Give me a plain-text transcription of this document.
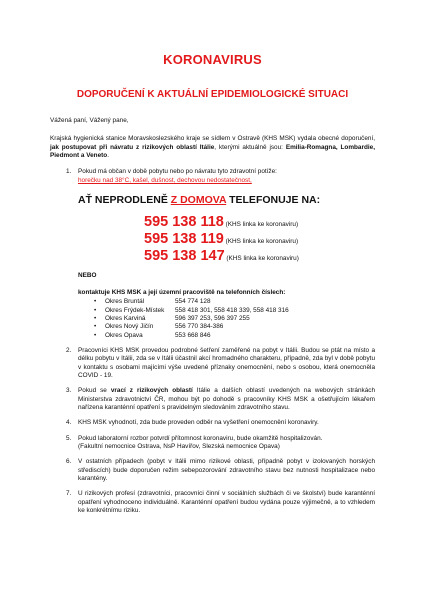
KORONAVIRUS
DOPORUČENÍ K AKTUÁLNÍ EPIDEMIOLOGICKÉ SITUACI

Vážená paní, Vážený pane,

Krajská hygienická stanice Moravskoslezského kraje se sídlem v Ostravě (KHS MSK) vydala obecné doporučení, jak postupovat při návratu z rizikových oblastí Itálie, kterými aktuálně jsou: Emilia-Romagna, Lombardie, Piedmont a Veneto.

1. Pokud má občan v době pobytu nebo po návratu tyto zdravotní potíže:

horečku nad 38°C, kašel, dušnost, dechovou nedostatečnost,

AŤ NEPRODLENĚ Z DOMOVA TELEFONUJE NA:

595 138 118 (KHS linka ke koronaviru)
595 138 119 (KHS linka ke koronaviru)
595 138 147 (KHS linka ke koronaviru)

NEBO

kontaktuje KHS MSK a její územní pracoviště na telefonních číslech:

•	Okres Bruntál	554 774 128
•	Okres Frýdek-Místek	558 418 301, 558 418 339, 558 418 316
•	Okres Karviná	596 397 253, 596 397 255
•	Okres Nový Jičín	556 770 384-386
•	Okres Opava	553 668 846
2. Pracovníci KHS MSK provedou podrobné šetření zaměřené na pobyt v Itálii. Budou se ptát na místo a délku pobytu v Itálii, zda se v Itálii účastnil akcí hromadného charakteru, případně, zda byl v době pobytu v kontaktu s osobami majícími výše uvedené příznaky onemocnění, nebo s osobou, která onemocněla COVID - 19.

3. Pokud se vrací z rizikových oblastí Itálie a dalších oblastí uvedených na webových stránkách Ministerstva zdravotnictví ČR, mohou být po dohodě s pracovníky KHS MSK a ošetřujícím lékařem nařízena karanténní opatření s pravidelným sledováním zdravotního stavu.

4. KHS MSK vyhodnotí, zda bude proveden odběr na vyšetření onemocnění koronaviry.

5. Pokud laboratorní rozbor potvrdí přítomnost koronaviru, bude okamžitě hospitalizován.

(Fakultní nemocnice Ostrava, NsP Havířov, Slezská nemocnice Opava)

6. V ostatních případech (pobyt v Itálii mimo rizikové oblasti, případně pobyt v izolovaných horských střediscích) bude doporučen režim sebepozorování zdravotního stavu bez nutnosti hospitalizace nebo karantény.

7. U rizikových profesí (zdravotníci, pracovníci činní v sociálních službách či ve školství) bude karanténní opatření vyhodnoceno individuálně. Karanténní opatření budou vydána pouze výjimečně, a to vzhledem ke konkrétnímu riziku.
